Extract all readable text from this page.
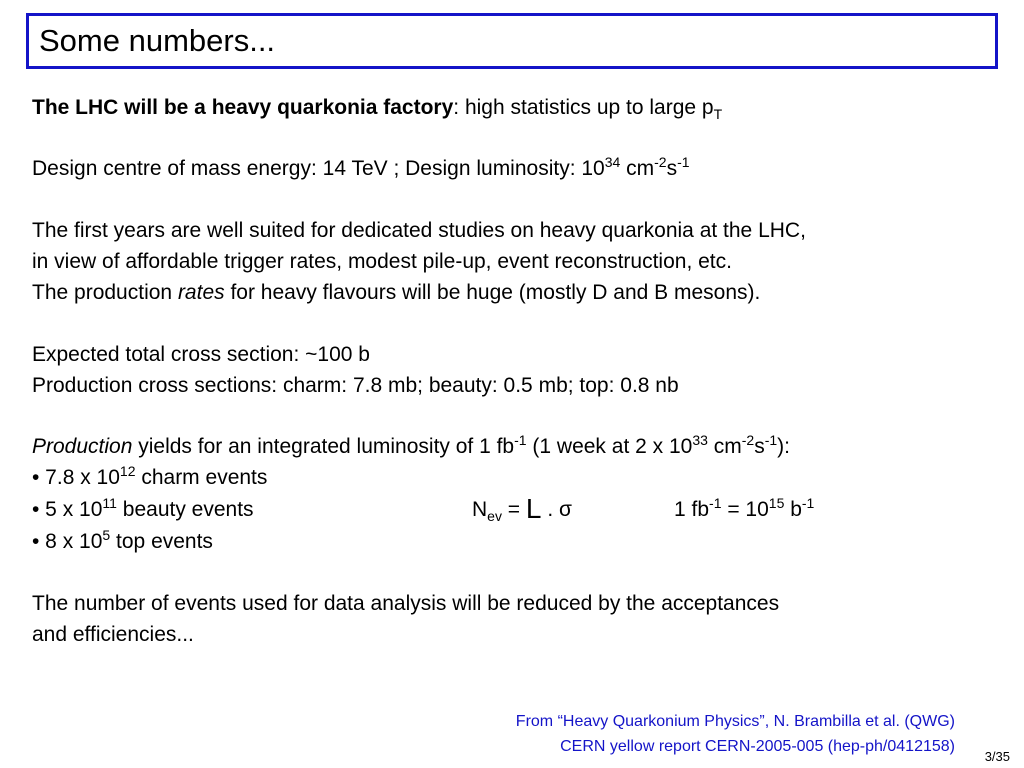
Some numbers...
The LHC will be a heavy quarkonia factory: high statistics up to large $p_T$
Design centre of mass energy: 14 TeV ; Design luminosity: $10^{34}$ $cm^{-2}s^{-1}$
The first years are well suited for dedicated studies on heavy quarkonia at the LHC,
in view of affordable trigger rates, modest pile-up, event reconstruction, etc.
The production rates for heavy flavours will be huge (mostly D and B mesons).
Expected total cross section: ~100 b
Production cross sections: charm: 7.8 mb; beauty: 0.5 mb; top: 0.8 nb
Production yields for an integrated luminosity of 1 $fb^{-1}$ (1 week at 2 x $10^{33}$ $cm^{-2}s^{-1}$):
• 7.8 x $10^{12}$ charm events
• 5 x $10^{11}$ beauty events	$N_{ev} = L$ . σ	1 $fb^{-1} = 10^{15}$ $b^{-1}$
• 8 x $10^5$ top events
The number of events used for data analysis will be reduced by the acceptances
and efficiencies...
From “Heavy Quarkonium Physics”, N. Brambilla et al. (QWG)
CERN yellow report CERN-2005-005 (hep-ph/0412158)
3/35
